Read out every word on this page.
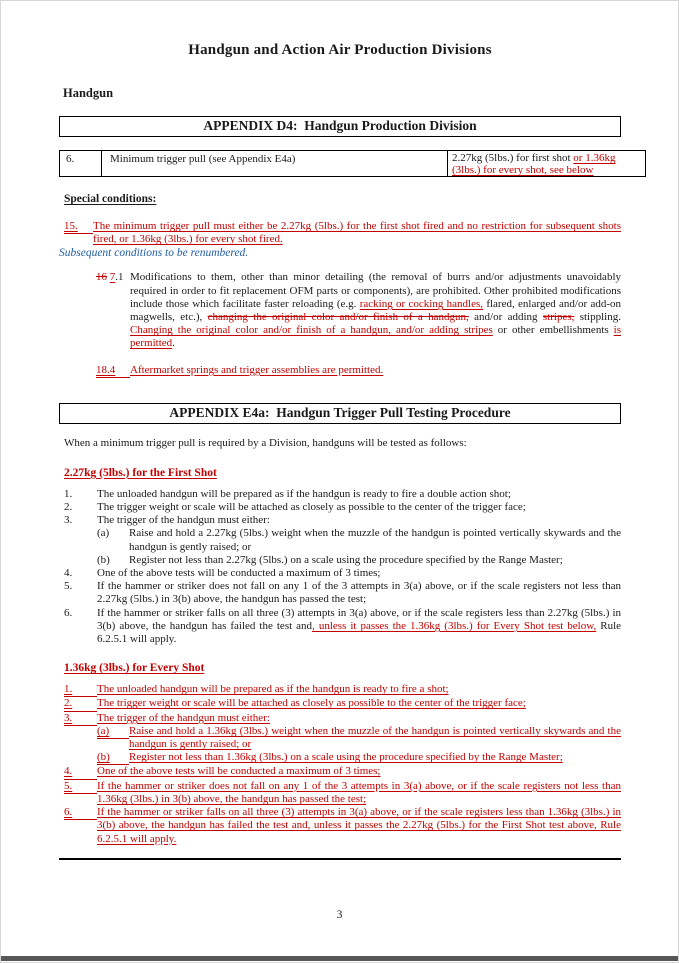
Handgun and Action Air Production Divisions
Handgun
APPENDIX D4:  Handgun Production Division
6.	Minimum trigger pull (see Appendix E4a)	2.27kg (5lbs.) for first shot or 1.36kg (3lbs.) for every shot, see below
Special conditions:
15.	The minimum trigger pull must either be 2.27kg (5lbs.) for the first shot fired and no restriction for subsequent shots fired, or 1.36kg (3lbs.) for every shot fired.
Subsequent conditions to be renumbered.
16 7.1 Modifications to them, other than minor detailing (the removal of burrs and/or adjustments unavoidably required in order to fit replacement OFM parts or components), are prohibited. Other prohibited modifications include those which facilitate faster reloading (e.g. racking or cocking handles, flared, enlarged and/or add-on magwells, etc.), changing the original color and/or finish of a handgun, and/or adding stripes, stippling. Changing the original color and/or finish of a handgun, and/or adding stripes or other embellishments is permitted.
18.4	Aftermarket springs and trigger assemblies are permitted.
APPENDIX E4a:  Handgun Trigger Pull Testing Procedure
When a minimum trigger pull is required by a Division, handguns will be tested as follows:
2.27kg (5lbs.) for the First Shot
1.	The unloaded handgun will be prepared as if the handgun is ready to fire a double action shot;
2.	The trigger weight or scale will be attached as closely as possible to the center of the trigger face;
3.	The trigger of the handgun must either:
(a)	Raise and hold a 2.27kg (5lbs.) weight when the muzzle of the handgun is pointed vertically skywards and the handgun is gently raised; or
(b)	Register not less than 2.27kg (5lbs.) on a scale using the procedure specified by the Range Master;
4.	One of the above tests will be conducted a maximum of 3 times;
5.	If the hammer or striker does not fall on any 1 of the 3 attempts in 3(a) above, or if the scale registers not less than 2.27kg (5lbs.) in 3(b) above, the handgun has passed the test;
6.	If the hammer or striker falls on all three (3) attempts in 3(a) above, or if the scale registers less than 2.27kg (5lbs.) in 3(b) above, the handgun has failed the test and, unless it passes the 1.36kg (3lbs.) for Every Shot test below, Rule 6.2.5.1 will apply.
1.36kg (3lbs.) for Every Shot
1.	The unloaded handgun will be prepared as if the handgun is ready to fire a shot;
2.	The trigger weight or scale will be attached as closely as possible to the center of the trigger face;
3.	The trigger of the handgun must either:
(a)	Raise and hold a 1.36kg (3lbs.) weight when the muzzle of the handgun is pointed vertically skywards and the handgun is gently raised; or
(b)	Register not less than 1.36kg (3lbs.) on a scale using the procedure specified by the Range Master;
4.	One of the above tests will be conducted a maximum of 3 times;
5.	If the hammer or striker does not fall on any 1 of the 3 attempts in 3(a) above, or if the scale registers not less than 1.36kg (3lbs.) in 3(b) above, the handgun has passed the test;
6.	If the hammer or striker falls on all three (3) attempts in 3(a) above, or if the scale registers less than 1.36kg (3lbs.) in 3(b) above, the handgun has failed the test and, unless it passes the 2.27kg (5lbs.) for the First Shot test above, Rule 6.2.5.1 will apply.
3
